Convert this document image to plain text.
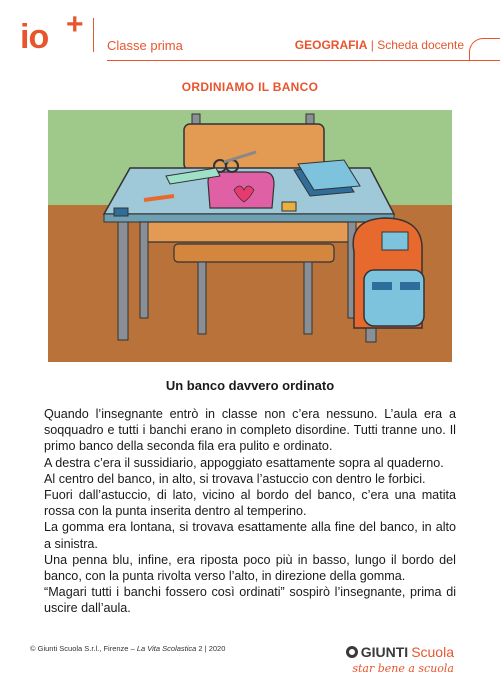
io +
Classe prima	GEOGRAFIA | Scheda docente
ORDINIAMO IL BANCO
Un banco davvero ordinato

Quando l’insegnante entrò in classe non c’era nessuno. L’aula era a soqquadro e tutti i banchi erano in completo disordine. Tutti tranne uno. Il primo banco della seconda fila era pulito e ordinato.

A destra c’era il sussidiario, appoggiato esattamente sopra al quaderno.

Al centro del banco, in alto, si trovava l’astuccio con dentro le forbici.

Fuori dall’astuccio, di lato, vicino al bordo del banco, c’era una matita rossa con la punta inserita dentro al temperino.

La gomma era lontana, si trovava esattamente alla fine del banco, in alto a sinistra.

Una penna blu, infine, era riposta poco più in basso, lungo il bordo del banco, con la punta rivolta verso l’alto, in direzione della gomma.

“Magari tutti i banchi fossero così ordinati” sospirò l’insegnante, prima di uscire dall’aula.

© Giunti Scuola S.r.l., Firenze – La Vita Scolastica 2 | 2020	GIUNTI Scuola
star bene a scuola
